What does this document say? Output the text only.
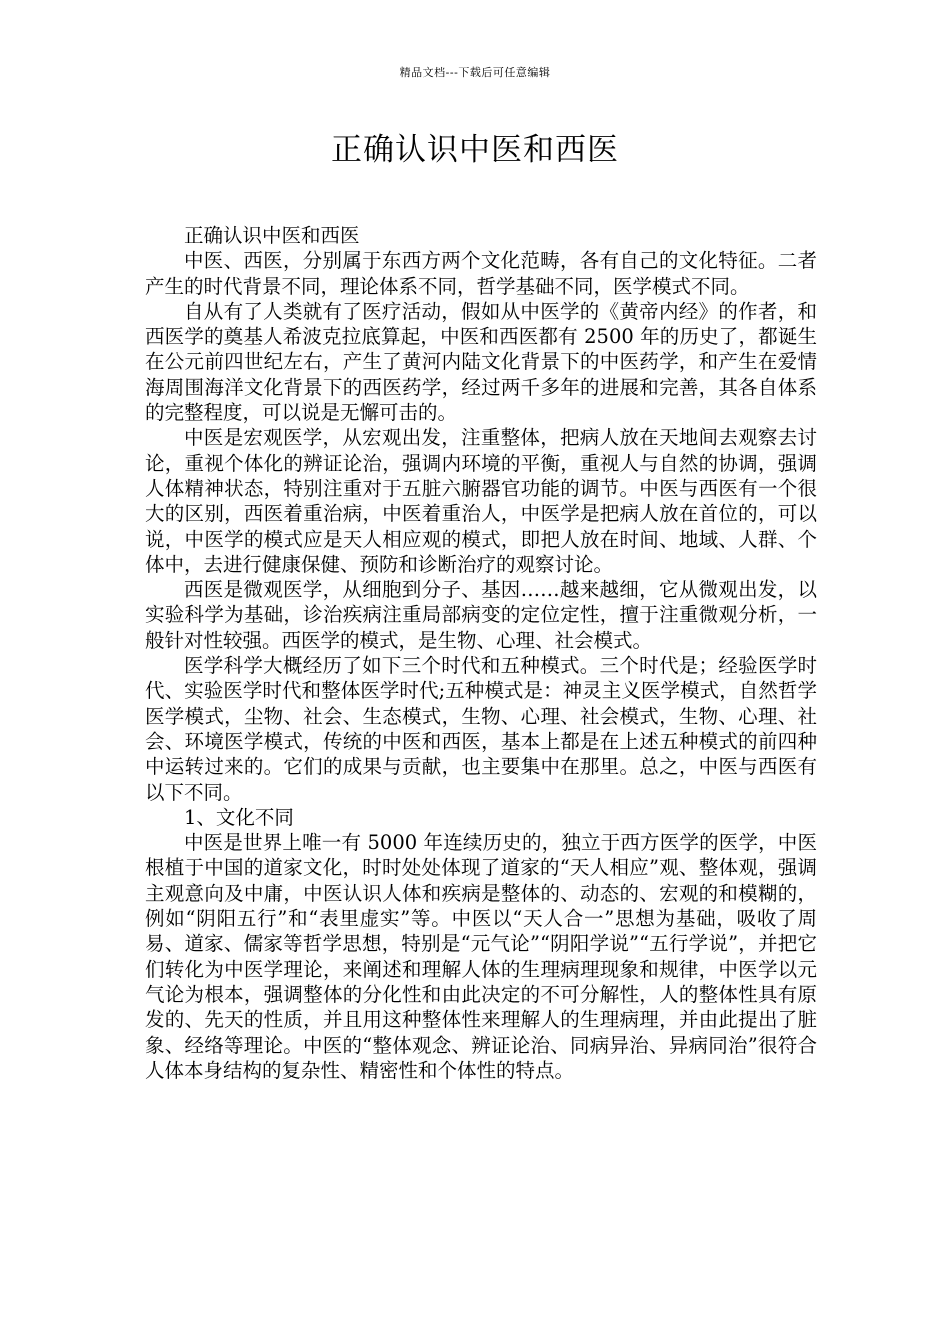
精品文档---下载后可任意编辑
正确认识中医和西医

正确认识中医和西医

中医、西医，分别属于东西方两个文化范畴，各有自己的文化特征。二者产生的时代背景不同，理论体系不同，哲学基础不同，医学模式不同。

自从有了人类就有了医疗活动，假如从中医学的《黄帝内经》的作者，和西医学的奠基人希波克拉底算起，中医和西医都有 2500 年的历史了，都诞生在公元前四世纪左右，产生了黄河内陆文化背景下的中医药学，和产生在爱情海周围海洋文化背景下的西医药学，经过两千多年的进展和完善，其各自体系的完整程度，可以说是无懈可击的。

中医是宏观医学，从宏观出发，注重整体，把病人放在天地间去观察去讨论，重视个体化的辨证论治，强调内环境的平衡，重视人与自然的协调，强调人体精神状态，特别注重对于五脏六腑器官功能的调节。中医与西医有一个很大的区别，西医着重治病，中医着重治人，中医学是把病人放在首位的，可以说，中医学的模式应是天人相应观的模式，即把人放在时间、地域、人群、个体中，去进行健康保健、预防和诊断治疗的观察讨论。

西医是微观医学，从细胞到分子、基因……越来越细，它从微观出发，以实验科学为基础，诊治疾病注重局部病变的定位定性，擅于注重微观分析，一般针对性较强。西医学的模式，是生物、心理、社会模式。

医学科学大概经历了如下三个时代和五种模式。三个时代是；经验医学时代、实验医学时代和整体医学时代;五种模式是：神灵主义医学模式，自然哲学医学模式，尘物、社会、生态模式，生物、心理、社会模式，生物、心理、社会、环境医学模式，传统的中医和西医，基本上都是在上述五种模式的前四种中运转过来的。它们的成果与贡献，也主要集中在那里。总之，中医与西医有以下不同。

1、文化不同

中医是世界上唯一有 5000 年连续历史的，独立于西方医学的医学，中医根植于中国的道家文化，时时处处体现了道家的“天人相应”观、整体观，强调主观意向及中庸，中医认识人体和疾病是整体的、动态的、宏观的和模糊的，例如“阴阳五行”和“表里虚实”等。中医以“天人合一”思想为基础，吸收了周易、道家、儒家等哲学思想，特别是“元气论”“阴阳学说”“五行学说”，并把它们转化为中医学理论，来阐述和理解人体的生理病理现象和规律，中医学以元气论为根本，强调整体的分化性和由此决定的不可分解性，人的整体性具有原发的、先天的性质，并且用这种整体性来理解人的生理病理，并由此提出了脏象、经络等理论。中医的“整体观念、辨证论治、同病异治、异病同治”很符合人体本身结构的复杂性、精密性和个体性的特点。
